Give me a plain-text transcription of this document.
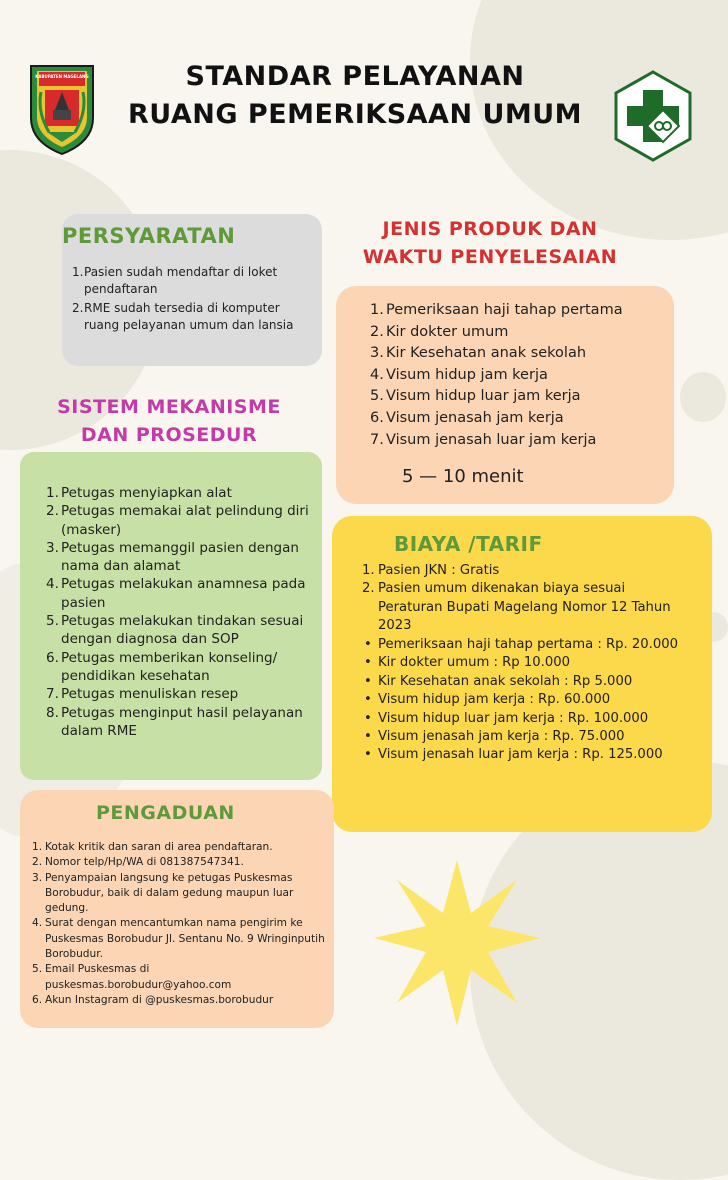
KABUPATEN MAGELANG	STANDAR PELAYANAN
RUANG PEMERIKSAAN UMUM
PERSYARATAN
1. Pasien sudah mendaftar di loket pendaftaran
2. RME sudah tersedia di komputer ruang pelayanan umum dan lansia
JENIS PRODUK DAN
WAKTU PENYELESAIAN
1. Pemeriksaan haji tahap pertama
2. Kir dokter umum
3. Kir Kesehatan anak sekolah
4. Visum hidup jam kerja
5. Visum hidup luar jam kerja
6. Visum jenasah jam kerja
7. Visum jenasah luar jam kerja
5 — 10 menit
SISTEM MEKANISME
DAN PROSEDUR
1. Petugas menyiapkan alat
2. Petugas memakai alat pelindung diri (masker)
3. Petugas memanggil pasien dengan nama dan alamat
4. Petugas melakukan anamnesa pada pasien
5. Petugas melakukan tindakan sesuai dengan diagnosa dan SOP
6. Petugas memberikan konseling/ pendidikan kesehatan
7. Petugas menuliskan resep
8. Petugas menginput hasil pelayanan dalam RME
BIAYA /TARIF
1. Pasien JKN : Gratis
2. Pasien umum dikenakan biaya sesuai Peraturan Bupati Magelang Nomor 12 Tahun 2023
• Pemeriksaan haji tahap pertama : Rp. 20.000
• Kir dokter umum : Rp 10.000
• Kir Kesehatan anak sekolah : Rp 5.000
• Visum hidup jam kerja : Rp. 60.000
• Visum hidup luar jam kerja : Rp. 100.000
• Visum jenasah jam kerja : Rp. 75.000
• Visum jenasah luar jam kerja : Rp. 125.000
PENGADUAN
1. Kotak kritik dan saran di area pendaftaran.
2. Nomor telp/Hp/WA di 081387547341.
3. Penyampaian langsung ke petugas Puskesmas Borobudur, baik di dalam gedung maupun luar gedung.
4. Surat dengan mencantumkan nama pengirim ke Puskesmas Borobudur Jl. Sentanu No. 9 Wringinputih Borobudur.
5. Email Puskesmas di puskesmas.borobudur@yahoo.com
6. Akun Instagram di @puskesmas.borobudur
